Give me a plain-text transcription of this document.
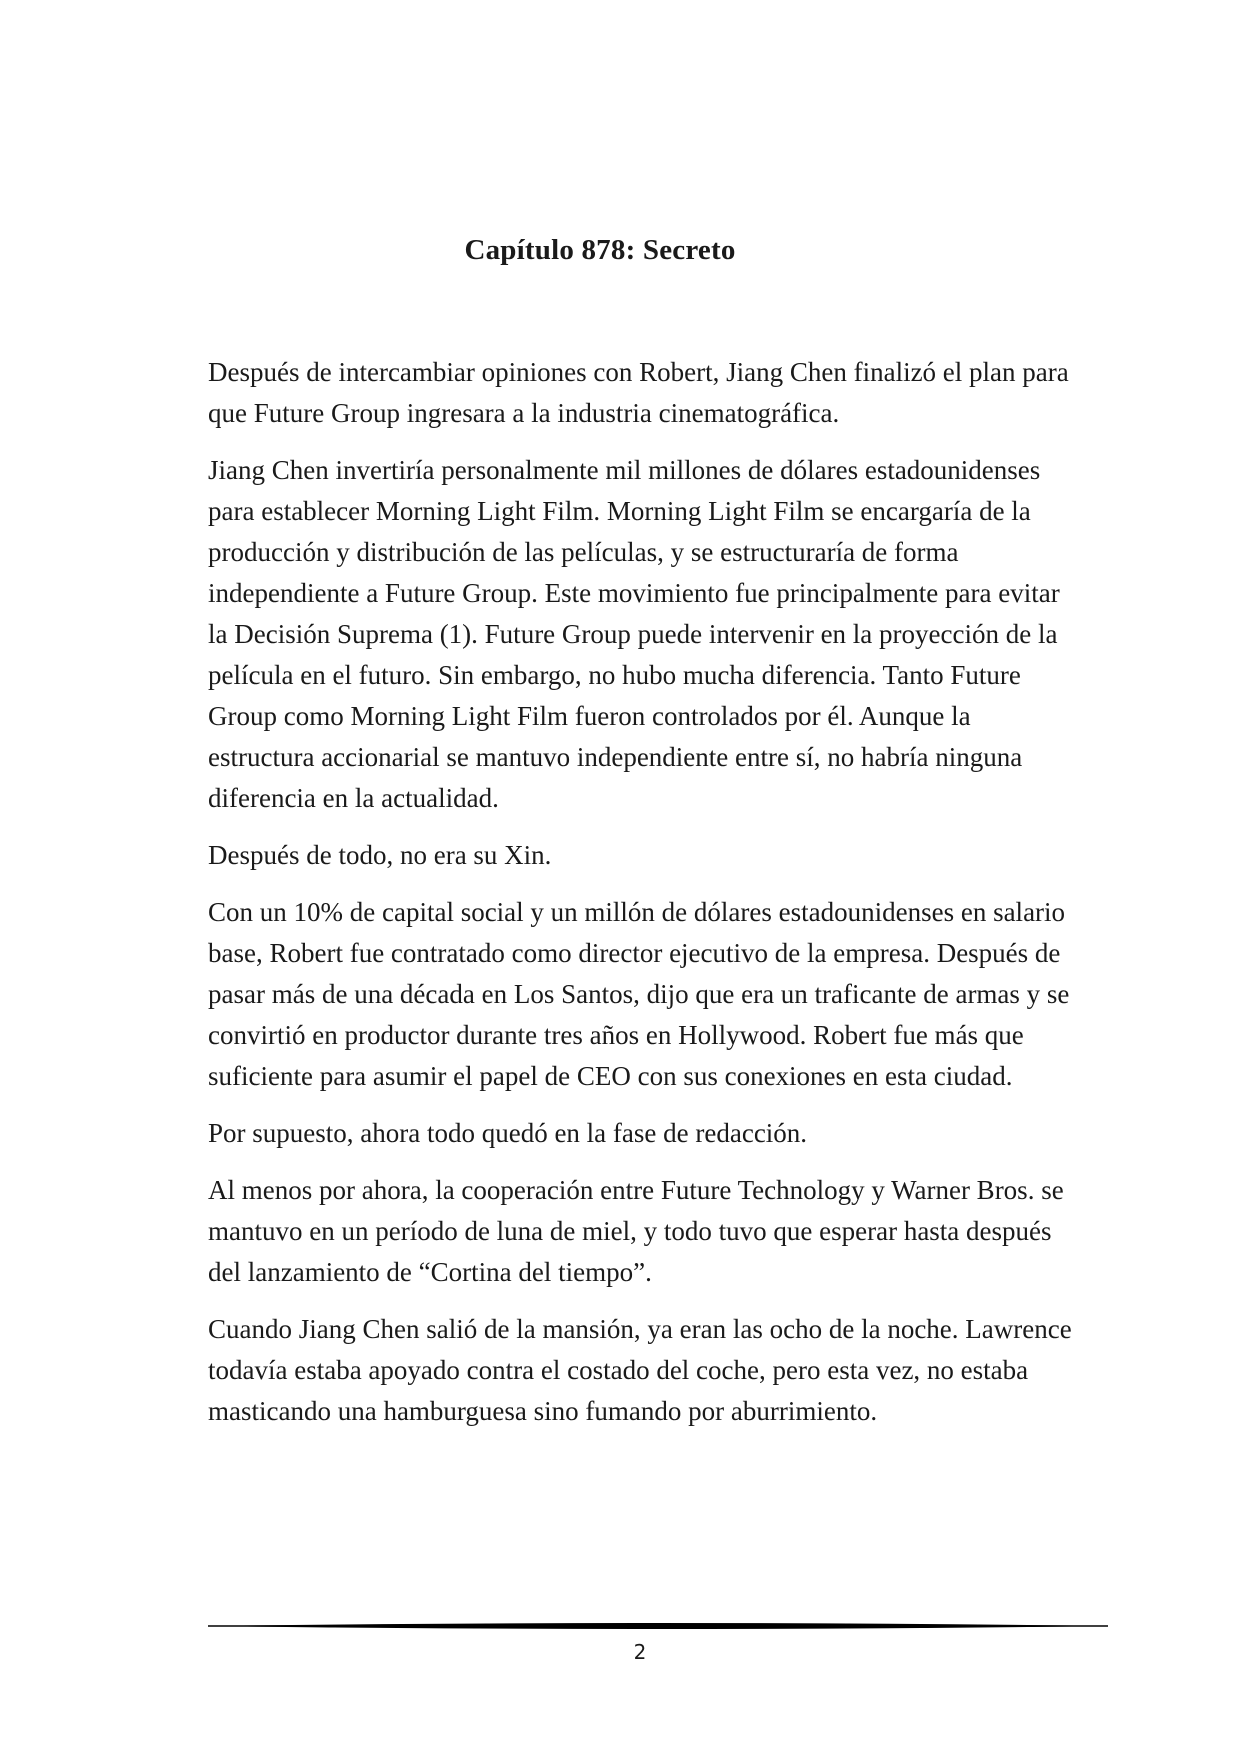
Capítulo 878: Secreto

Después de intercambiar opiniones con Robert, Jiang Chen finalizó el plan para que Future Group ingresara a la industria cinematográfica.

Jiang Chen invertiría personalmente mil millones de dólares estadounidenses para establecer Morning Light Film. Morning Light Film se encargaría de la producción y distribución de las películas, y se estructuraría de forma independiente a Future Group. Este movimiento fue principalmente para evitar la Decisión Suprema (1). Future Group puede intervenir en la proyección de la película en el futuro. Sin embargo, no hubo mucha diferencia. Tanto Future Group como Morning Light Film fueron controlados por él. Aunque la estructura accionarial se mantuvo independiente entre sí, no habría ninguna diferencia en la actualidad.

Después de todo, no era su Xin.

Con un 10% de capital social y un millón de dólares estadounidenses en salario base, Robert fue contratado como director ejecutivo de la empresa. Después de pasar más de una década en Los Santos, dijo que era un traficante de armas y se convirtió en productor durante tres años en Hollywood. Robert fue más que suficiente para asumir el papel de CEO con sus conexiones en esta ciudad.

Por supuesto, ahora todo quedó en la fase de redacción.

Al menos por ahora, la cooperación entre Future Technology y Warner Bros. se mantuvo en un período de luna de miel, y todo tuvo que esperar hasta después del lanzamiento de “Cortina del tiempo”.

Cuando Jiang Chen salió de la mansión, ya eran las ocho de la noche. Lawrence todavía estaba apoyado contra el costado del coche, pero esta vez, no estaba masticando una hamburguesa sino fumando por aburrimiento.

2
